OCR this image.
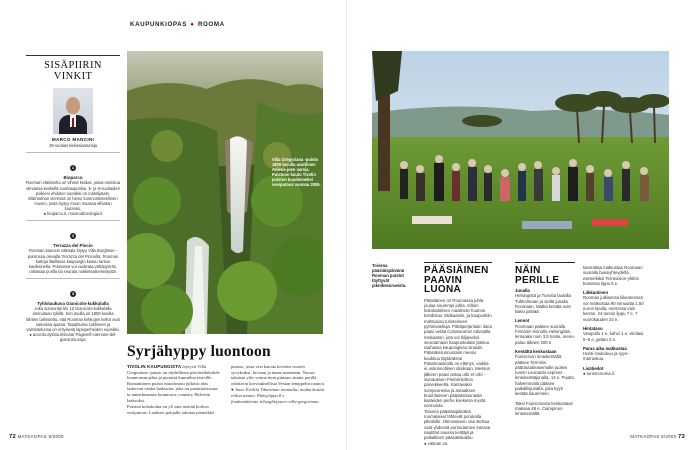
KAUPUNKIOPAS ● ROOMA
SISÄPIIRIN VINKIT
MARCO MANCINI
38-vuotias kieliasiantuntija
1
Bioparco

Rooman eläintarha on vihreä keidas, jossa onnistua olevansa keskellä suurkaupunkia. 5- ja 9-vuotiaiden poikieni ehdoton suosikki on matelijatalo. Eläintarhan vieressä on hieno luonnontieteellinen museo, josta löytyy muun muassa elfantan luuranko.

● bioparco.it, museodizoologia.it

2
Terrazza del Pincio

Rooman kaunein näköala löytyy Villa Borghese -puistossa olevalta Terrazza del Pinciolta. Rooman kattoja iltaillassa kaupungin kaavu tuntuu kauiksinelta. Puistossa voi vuokrata vähäpyörän, rahastaa porilla tai seurata nukketeatteriesitystä.

3
Tyhlolaukuva Gianicolo-kukkulalla

Joka sunnuntai klo 12 Gianicolo-kukkulalla ammutaan tykillä. Sen avulla on 1800-luvulla lähtien tarkistettu, että Rooman kirkkojen kellot ovat samassa ajassa. Tapahtuma sotilineen ja valmistelunsa on erityisesti lapsiperheiden suosikki.

● accedo.dyksia.it/storia/ Pagine/Il-cannone-del-gianicolo.aspx

Villa Gregoriana -puisto 1800-luvulla avattiinen Aniene-joen varsia. Puistoon kuulu Tivolin puiston kuudenneksi vesiputous vuonna 2005.
Syrjähyppy luontoon

TIVOLIN KAUPUNGISTA löytyvä Villa Gregoriana -puisto on täydellinen päiväretkikohde luonnonsuojelua ja pienistä kumuilua etsiville. Romanttinen puisto muodostuu jyrkästi alas laskevan vanha laaksosta, joka on parantaisissasa ta tunnelmaansa luonnosta: cometry Helvetin laaksoksi.

Puiston kohokohta on yli sata meträä korkea vesiputous. Laakson pohjalla odottaa pieneikkö putous, josta vesi katoaa kivistin vuoren syvyksiksi. kiviaan ja maan uumeniin. Nousu takaisin ylös voima tiem pintaan, mutta perillä odottavat korvauksellisat Vestan temppelin rauniot.

● Juna Tivoliin Tiburtinan asemalta; matka kestää reilun tunnin. Pääsylippu 8 e. fondoambiente.it/luoghi/parco-villa-gregoriana

72 MATKAOPAS 8/2000	MATKAOPAS 8/2000 73
Toisena pääsiäispäivänä Rooman puistot täyttyvät piknikseurueista.
PÄÄSIÄINEN PAAVIN LUONA

Pääsiäinen on Roomassa juhla joulua suurempi juhla. Silloin kokokatolisen maailman huomio kohdistuu Vatikaaniin, ja kaupunkiin mahtuuisa turisteineen pyhiinvaelluja. Pitkäperjantaiin ilana paavi vetää Colosseumin edustalla ristisaaton, jota voi hiljaiseksi seuraamaan kaupunkalaisi jätetuu rauhassa kaupungissa sinaula.

Pääsiäissunnuntaiin messu kuukkuu täytänässä Pietarinaukiolla on elämys, vaikka ei uskonnollinen olisikaan. Messun jälkeen paavi antaa urbi et orbi -siunauksen Pietarinkirkon parvekkeelta. Kantavaksi sumpeoneina ja antaaksen kruunluineen pääsiäislounasta kasteiden perhe koekeisa mystä sormoista.

Toisena pääsiäispäivänä roomalaiset lähtevät porukalla piknikille. Olennaiseen osa stertaa ovat yhdessä porraviamien kanssa nauttitut suussa keittäjä ja paikallinen pääsiäiskakku.

● vatican.va

NÄIN PERILLE
Junalla
Helsingistä ja Turusta lautalla Tukholmaan ja sieltä junalla Roomaan. Matka kestää noin kaksi päivää.
Lennot
Roomaan pääsee suoralla Finnairin lennolla Helsingistä, lentoaika noin 3,5 tuntia, meno-paluu alkaen 200 e.
Kentältä keskustaan
Fiumicinon lentokentältä pääsee Terminin päärautatieasemalle juolien tunnin Leonardo express -lentokenttäjunalla, 14 e. Puolta halvemmalla pääsee paikallisjunalla, joka kyyti kestää kauemmin.
Taksi Fiumicinosta keskustaan maksaa 48 e. Ciampinon lentokentältä
kannattaa matkustaa Roomaan suoralla bussiyhteydellä, esimerkiksi Terravision-yhtiön bussissa lippu 6 e.
Liikkuminen
Rooman julkisessa liikenteessä voi matkustaa 90 minuuttia 1,50 euron lipulla, metrossa vain kerran. 24 tunnin lippu 7 e, 7 vuorokauden 24 e.
Hintataso
Vesipullo 1 e, kahvi 1 e, viinilasi 5–6 e, gelato 2 e.
Paras aika matkustaa
Huhti–toukokuu ja syys–marraskuu.
Lisätiedot
● turismoroma.it
